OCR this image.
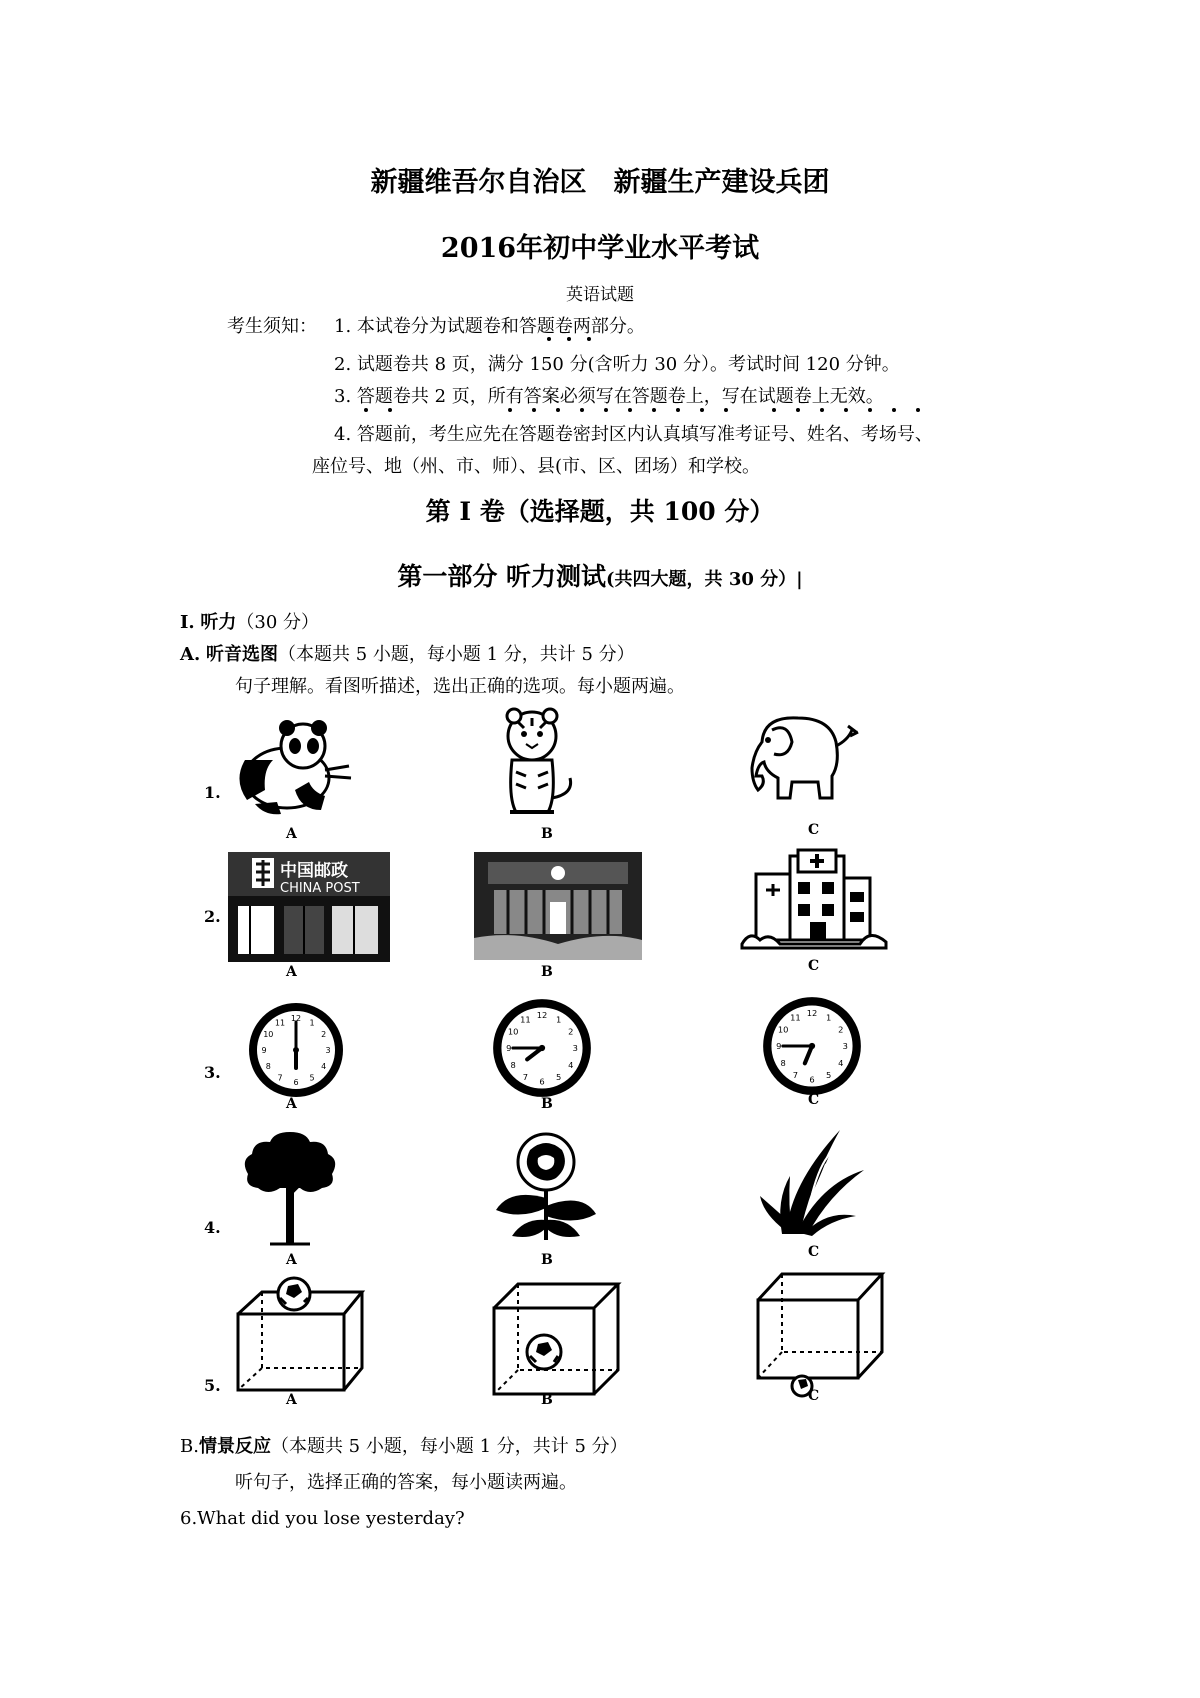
新疆维吾尔自治区　新疆生产建设兵团
2016年初中学业水平考试
英语试题
考生须知： 1. 本试卷分为试题卷和答题卷两部分。
2. 试题卷共 8 页，满分 150 分(含听力 30 分）。考试时间 120 分钟。
3. 答题卷共 2 页，所有答案必须写在答题卷上，写在试题卷上无效。
4. 答题前，考生应先在答题卷密封区内认真填写准考证号、姓名、考场号、
座位号、地（州、市、师）、县(市、区、团场）和学校。
第 I 卷（选择题，共 100 分）
第一部分 听力测试(共四大题，共 30 分）|
I. 听力（30 分）
A. 听音选图（本题共 5 小题，每小题 1 分，共计 5 分）
句子理解。看图听描述，选出正确的选项。每小题两遍。
1.
A	B	C
2.
中国邮政
CHINA POST
A	B	C
3.
1
2
3
4
5
6
7
8
9
10
11 12
A
1
2
3
4
5
6
7
8
9
10
11 12
B
1
2
3
4
5
6
7
8
9
10
11 12
C
4.
A	B	C
5.
A	B	C
B.情景反应（本题共 5 小题，每小题 1 分，共计 5 分）
听句子，选择正确的答案，每小题读两遍。
6.What did you lose yesterday?
